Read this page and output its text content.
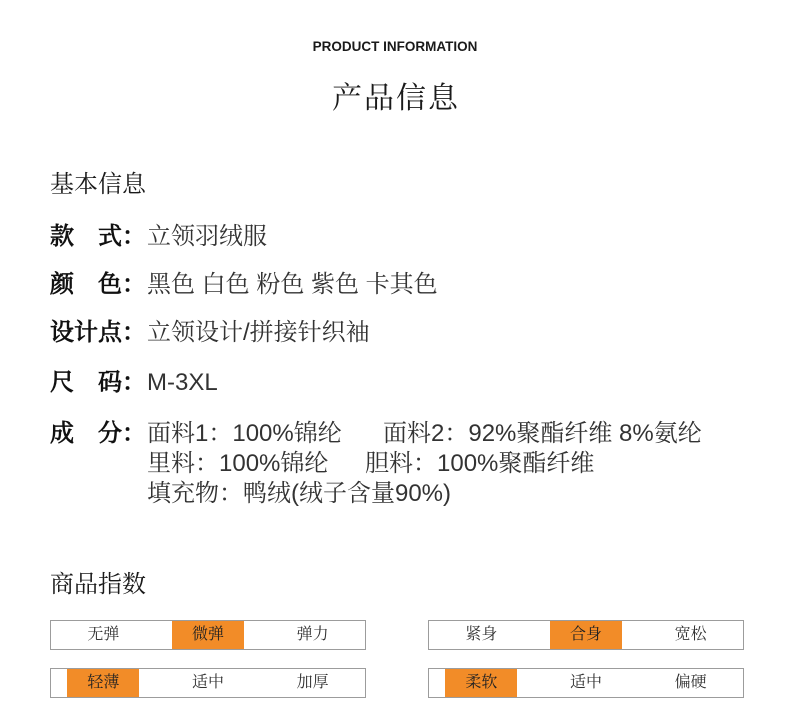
PRODUCT INFORMATION
产品信息
基本信息
款　式：立领羽绒服
颜　色：黑色 白色 粉色 紫色 卡其色
设计点：立领设计/拼接针织袖
尺　码：M-3XL
成　分： 面料1：100%锦纶 面料2：92%聚酯纤维 8%氨纶
里料：100%锦纶 胆料：100%聚酯纤维
填充物：鸭绒(绒子含量90%)
商品指数
无弹	微弹	弹力	紧身	合身	宽松
轻薄	适中	加厚	柔软	适中	偏硬
